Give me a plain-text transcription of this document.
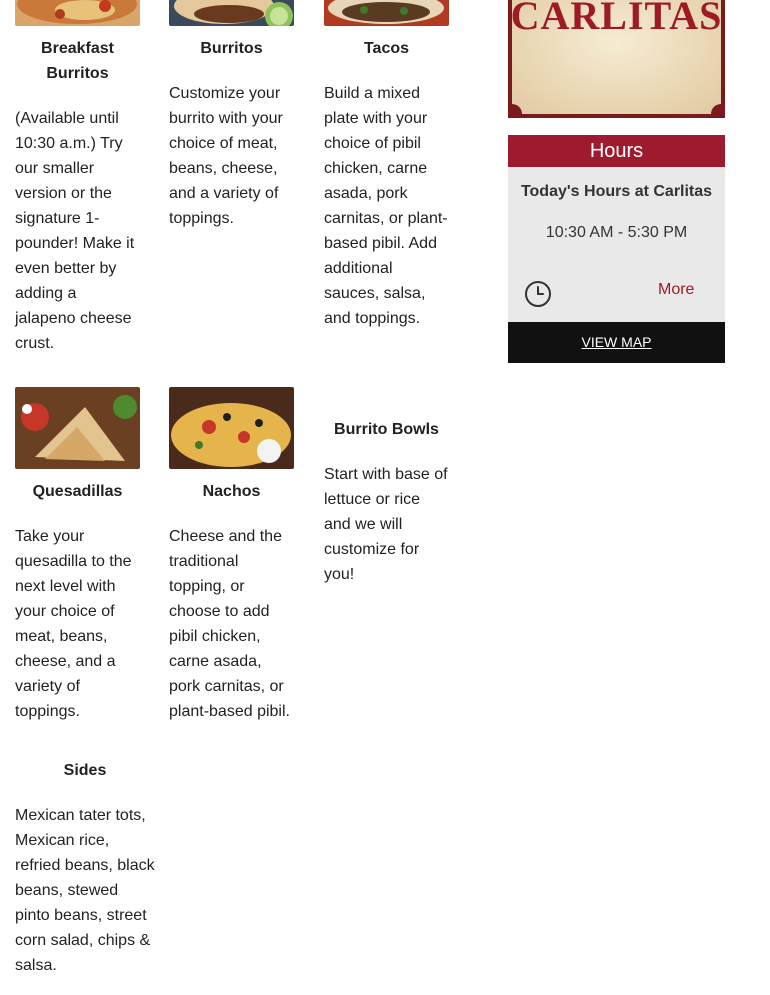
Breakfast Burritos

(Available until 10:30 a.m.) Try our smaller version or the signature 1-pounder! Make it even better by adding a jalapeno cheese crust.

Burritos

Customize your burrito with your choice of meat, beans, cheese, and a variety of toppings.

Tacos

Build a mixed plate with your choice of pibil chicken, carne asada, pork carnitas, or plant-based pibil. Add additional sauces, salsa, and toppings.

Quesadillas

Take your quesadilla to the next level with your choice of meat, beans, cheese, and a variety of toppings.

Nachos

Cheese and the traditional topping, or choose to add pibil chicken, carne asada, pork carnitas, or plant-based pibil.

Burrito Bowls

Start with base of lettuce or rice and we will customize for you!

Sides

Mexican tater tots, Mexican rice, refried beans, black beans, stewed pinto beans, street corn salad, chips & salsa.

CARLITAS
Hours
Today's Hours at Carlitas
10:30 AM - 5:30 PM
More
VIEW MAP
